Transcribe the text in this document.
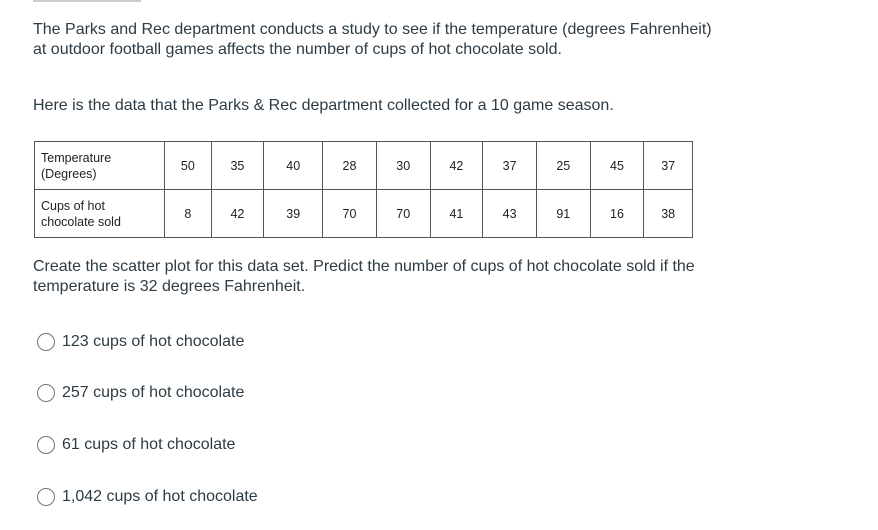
The Parks and Rec department conducts a study to see if the temperature (degrees Fahrenheit) at outdoor football games affects the number of cups of hot chocolate sold.

Here is the data that the Parks & Rec department collected for a 10 game season.

Temperature
(Degrees)	50	35	40	28	30	42	37	25	45	37
Cups of hot
chocolate sold	8	42	39	70	70	41	43	91	16	38

Create the scatter plot for this data set. Predict the number of cups of hot chocolate sold if the temperature is 32 degrees Fahrenheit.

123 cups of hot chocolate
257 cups of hot chocolate
61 cups of hot chocolate
1,042 cups of hot chocolate
